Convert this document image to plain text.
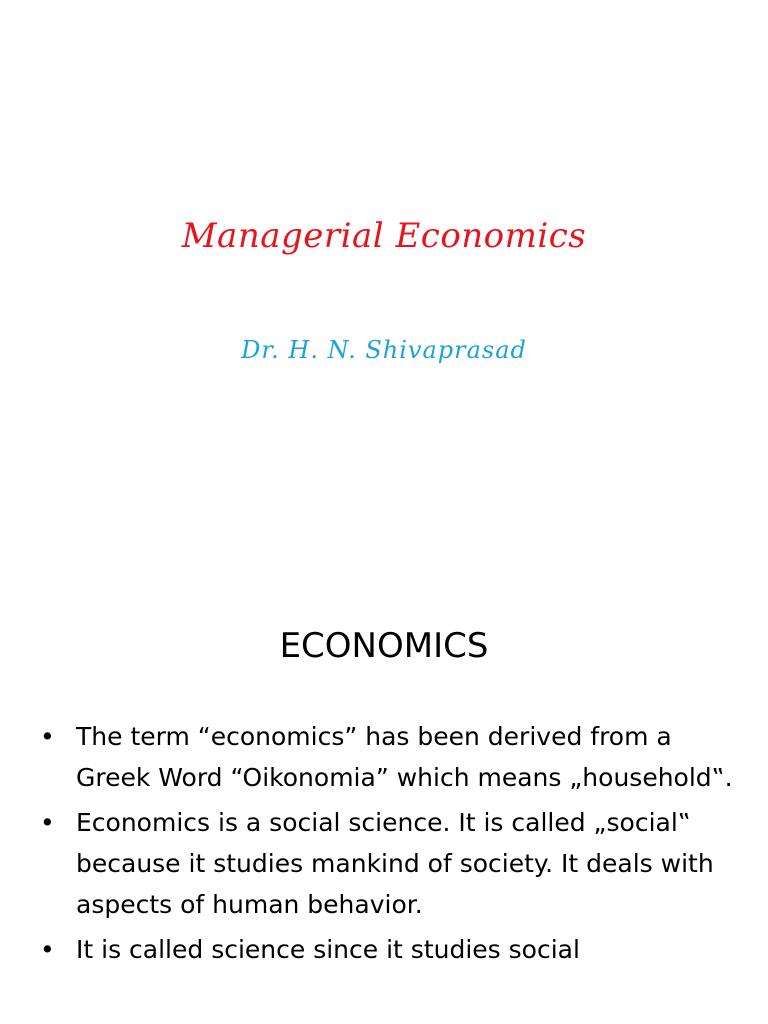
Managerial Economics
Dr. H. N. Shivaprasad
ECONOMICS
• The term “economics” has been derived from a Greek Word “Oikonomia” which means „household‟.
• Economics is a social science. It is called „social‟ because it studies mankind of society. It deals with aspects of human behavior.
• It is called science since it studies social
